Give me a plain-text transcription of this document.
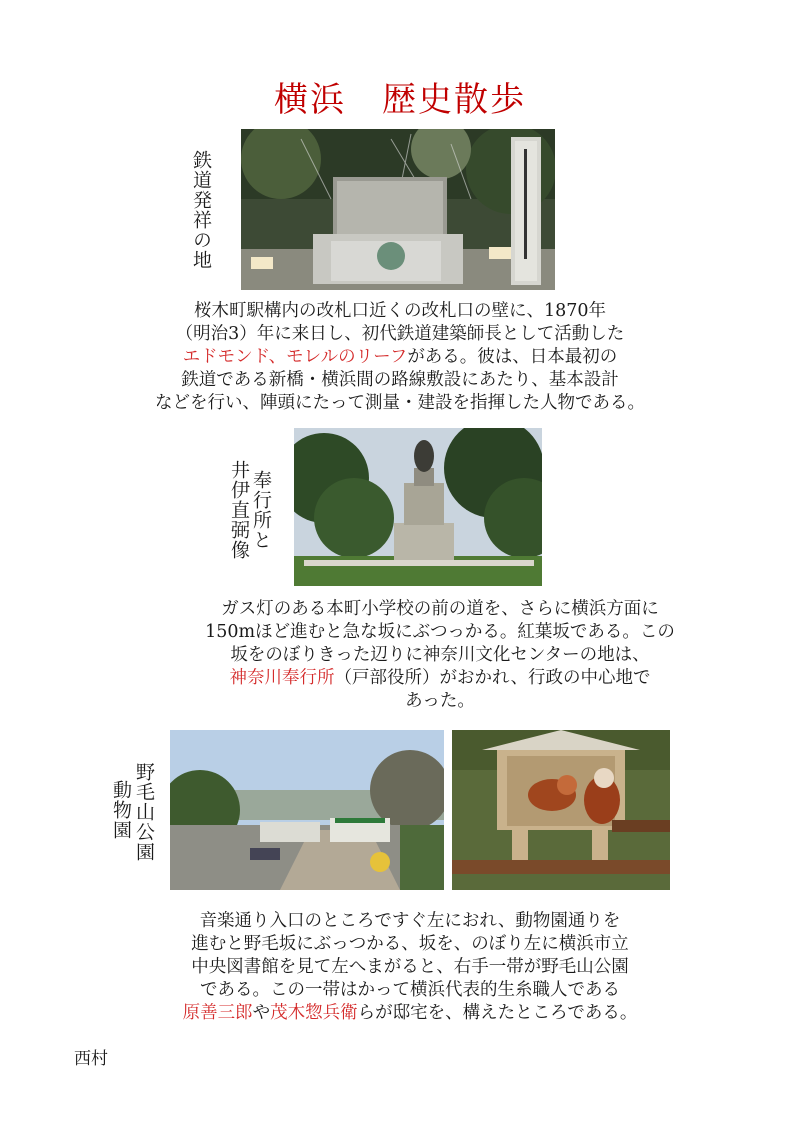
横浜　歴史散歩
鉄道発祥の地
桜木町駅構内の改札口近くの改札口の壁に、1870年
（明治3）年に来日し、初代鉄道建築師長として活動した
エドモンド、モレルのリーフがある。彼は、日本最初の
鉄道である新橋・横浜間の路線敷設にあたり、基本設計
などを行い、陣頭にたって測量・建設を指揮した人物である。
奉行所と
井伊直弼像
ガス灯のある本町小学校の前の道を、さらに横浜方面に
150mほど進むと急な坂にぶつっかる。紅葉坂である。この
坂をのぼりきった辺りに神奈川文化センターの地は、
神奈川奉行所（戸部役所）がおかれ、行政の中心地で
あった。
野毛山公園
動物園
音楽通り入口のところですぐ左におれ、動物園通りを
進むと野毛坂にぶっつかる、坂を、のぼり左に横浜市立
中央図書館を見て左へまがると、右手一帯が野毛山公園
である。この一帯はかって横浜代表的生糸職人である
原善三郎や茂木惣兵衛らが邸宅を、構えたところである。
西村
